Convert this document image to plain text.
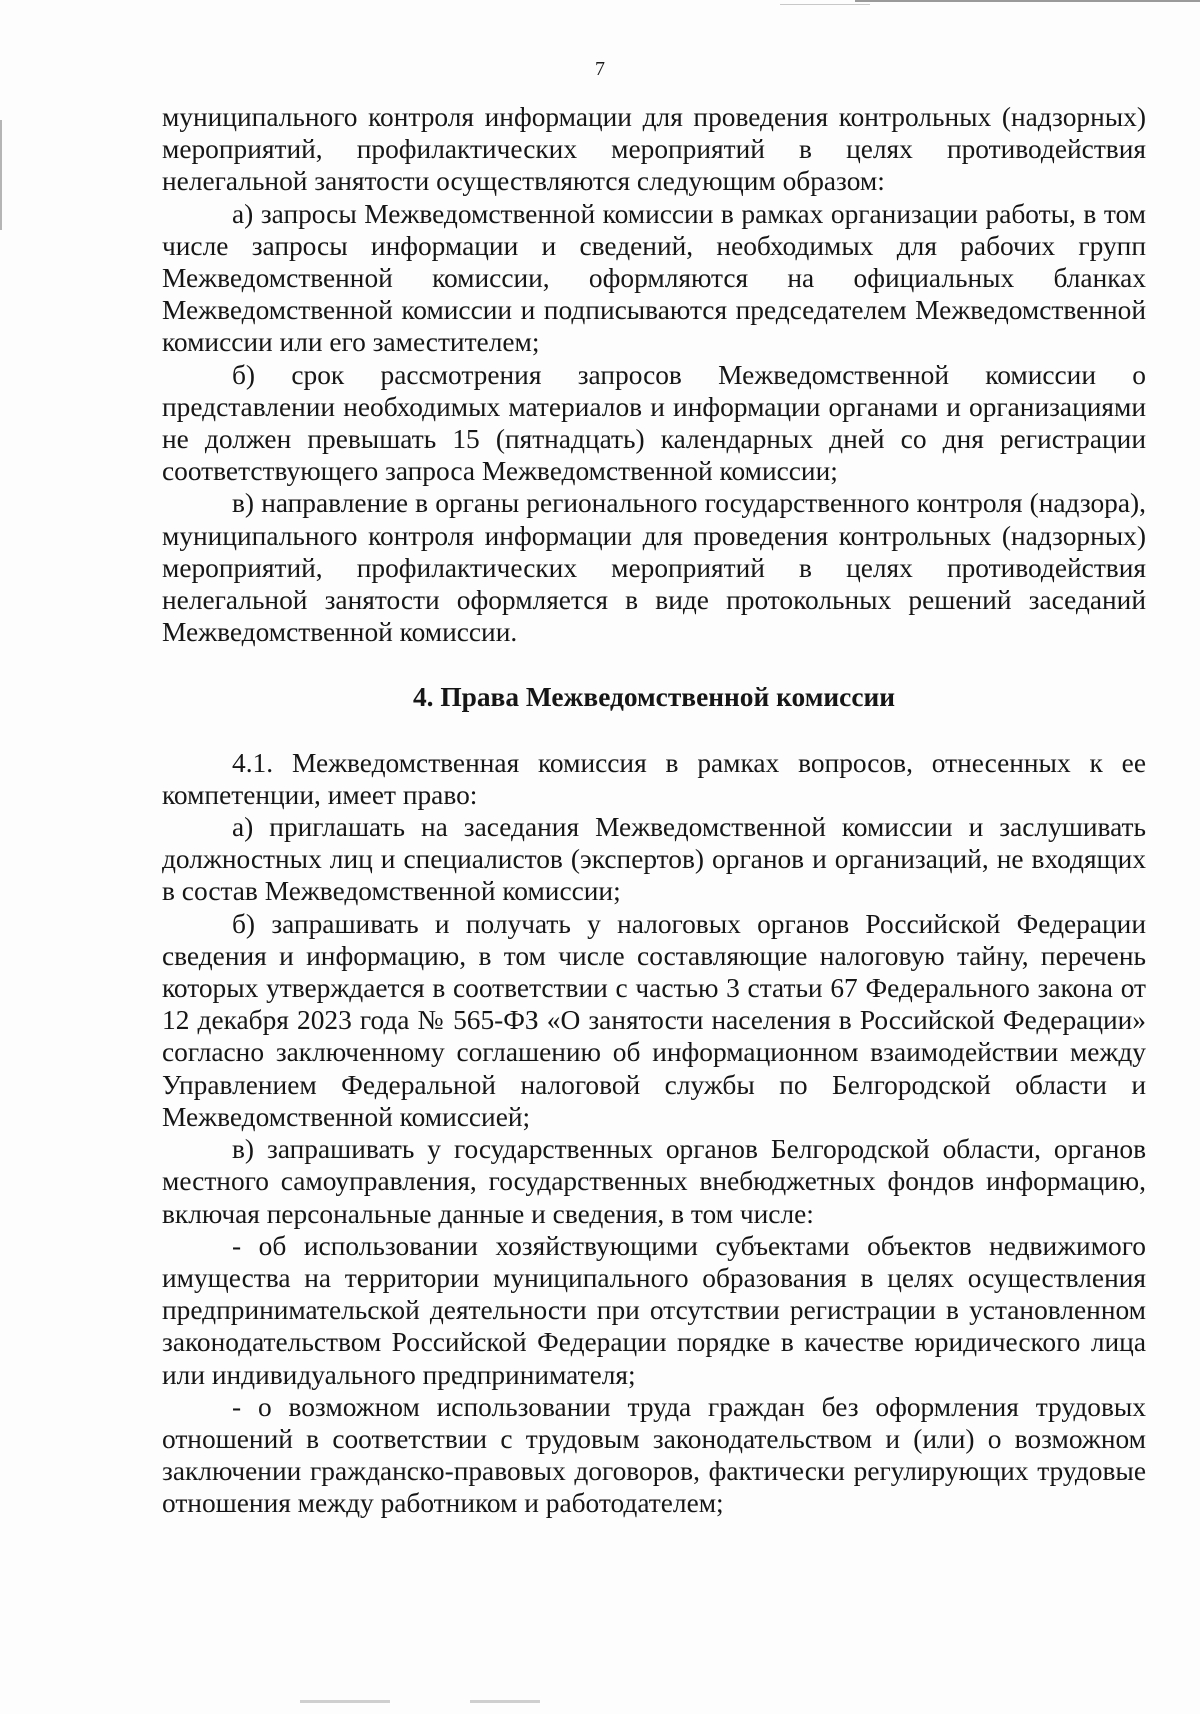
7

муниципального контроля информации для проведения контрольных (надзорных) мероприятий, профилактических мероприятий в целях противодействия нелегальной занятости осуществляются следующим образом:

а) запросы Межведомственной комиссии в рамках организации работы, в том числе запросы информации и сведений, необходимых для рабочих групп Межведомственной комиссии, оформляются на официальных бланках Межведомственной комиссии и подписываются председателем Межведомственной комиссии или его заместителем;

б) срок рассмотрения запросов Межведомственной комиссии о представлении необходимых материалов и информации органами и организациями не должен превышать 15 (пятнадцать) календарных дней со дня регистрации соответствующего запроса Межведомственной комиссии;

в) направление в органы регионального государственного контроля (надзора), муниципального контроля информации для проведения контрольных (надзорных) мероприятий, профилактических мероприятий в целях противодействия нелегальной занятости оформляется в виде протокольных решений заседаний Межведомственной комиссии.

4. Права Межведомственной комиссии

4.1. Межведомственная комиссия в рамках вопросов, отнесенных к ее компетенции, имеет право:

а) приглашать на заседания Межведомственной комиссии и заслушивать должностных лиц и специалистов (экспертов) органов и организаций, не входящих в состав Межведомственной комиссии;

б) запрашивать и получать у налоговых органов Российской Федерации сведения и информацию, в том числе составляющие налоговую тайну, перечень которых утверждается в соответствии с частью 3 статьи 67 Федерального закона от 12 декабря 2023 года № 565-ФЗ «О занятости населения в Российской Федерации» согласно заключенному соглашению об информационном взаимодействии между Управлением Федеральной налоговой службы по Белгородской области и Межведомственной комиссией;

в) запрашивать у государственных органов Белгородской области, органов местного самоуправления, государственных внебюджетных фондов информацию, включая персональные данные и сведения, в том числе:

- об использовании хозяйствующими субъектами объектов недвижимого имущества на территории муниципального образования в целях осуществления предпринимательской деятельности при отсутствии регистрации в установленном законодательством Российской Федерации порядке в качестве юридического лица или индивидуального предпринимателя;

- о возможном использовании труда граждан без оформления трудовых отношений в соответствии с трудовым законодательством и (или) о возможном заключении гражданско-правовых договоров, фактически регулирующих трудовые отношения между работником и работодателем;
